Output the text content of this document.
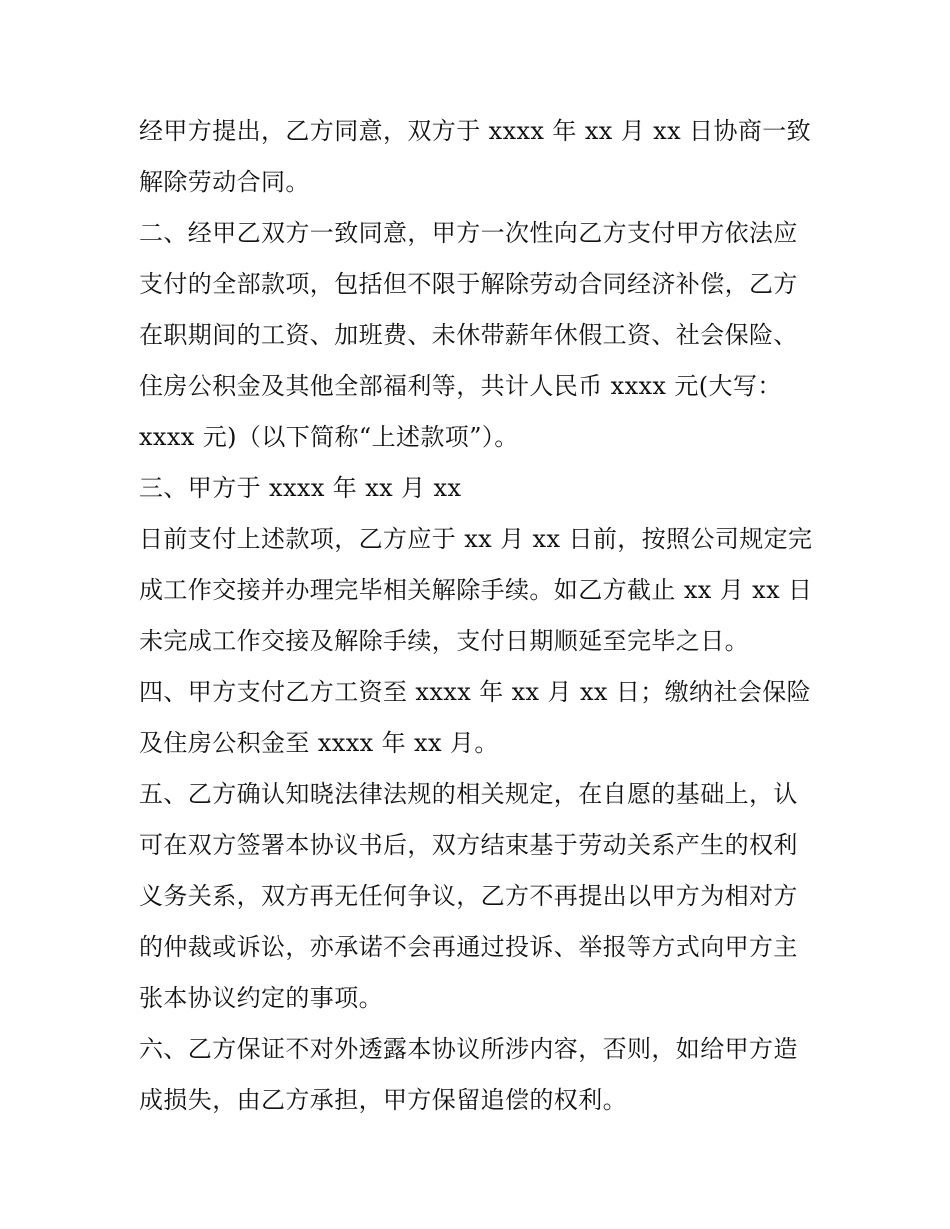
经甲方提出，乙方同意，双方于 xxxx 年 xx 月 xx 日协商一致
解除劳动合同。
二、经甲乙双方一致同意，甲方一次性向乙方支付甲方依法应
支付的全部款项，包括但不限于解除劳动合同经济补偿，乙方
在职期间的工资、加班费、未休带薪年休假工资、社会保险、
住房公积金及其他全部福利等，共计人民币 xxxx 元(大写：
xxxx 元)（以下简称“上述款项”）。
三、甲方于 xxxx 年 xx 月 xx
日前支付上述款项，乙方应于 xx 月 xx 日前，按照公司规定完
成工作交接并办理完毕相关解除手续。如乙方截止 xx 月 xx 日
未完成工作交接及解除手续，支付日期顺延至完毕之日。
四、甲方支付乙方工资至 xxxx 年 xx 月 xx 日；缴纳社会保险
及住房公积金至 xxxx 年 xx 月。
五、乙方确认知晓法律法规的相关规定，在自愿的基础上，认
可在双方签署本协议书后，双方结束基于劳动关系产生的权利
义务关系，双方再无任何争议，乙方不再提出以甲方为相对方
的仲裁或诉讼，亦承诺不会再通过投诉、举报等方式向甲方主
张本协议约定的事项。
六、乙方保证不对外透露本协议所涉内容，否则，如给甲方造
成损失，由乙方承担，甲方保留追偿的权利。
